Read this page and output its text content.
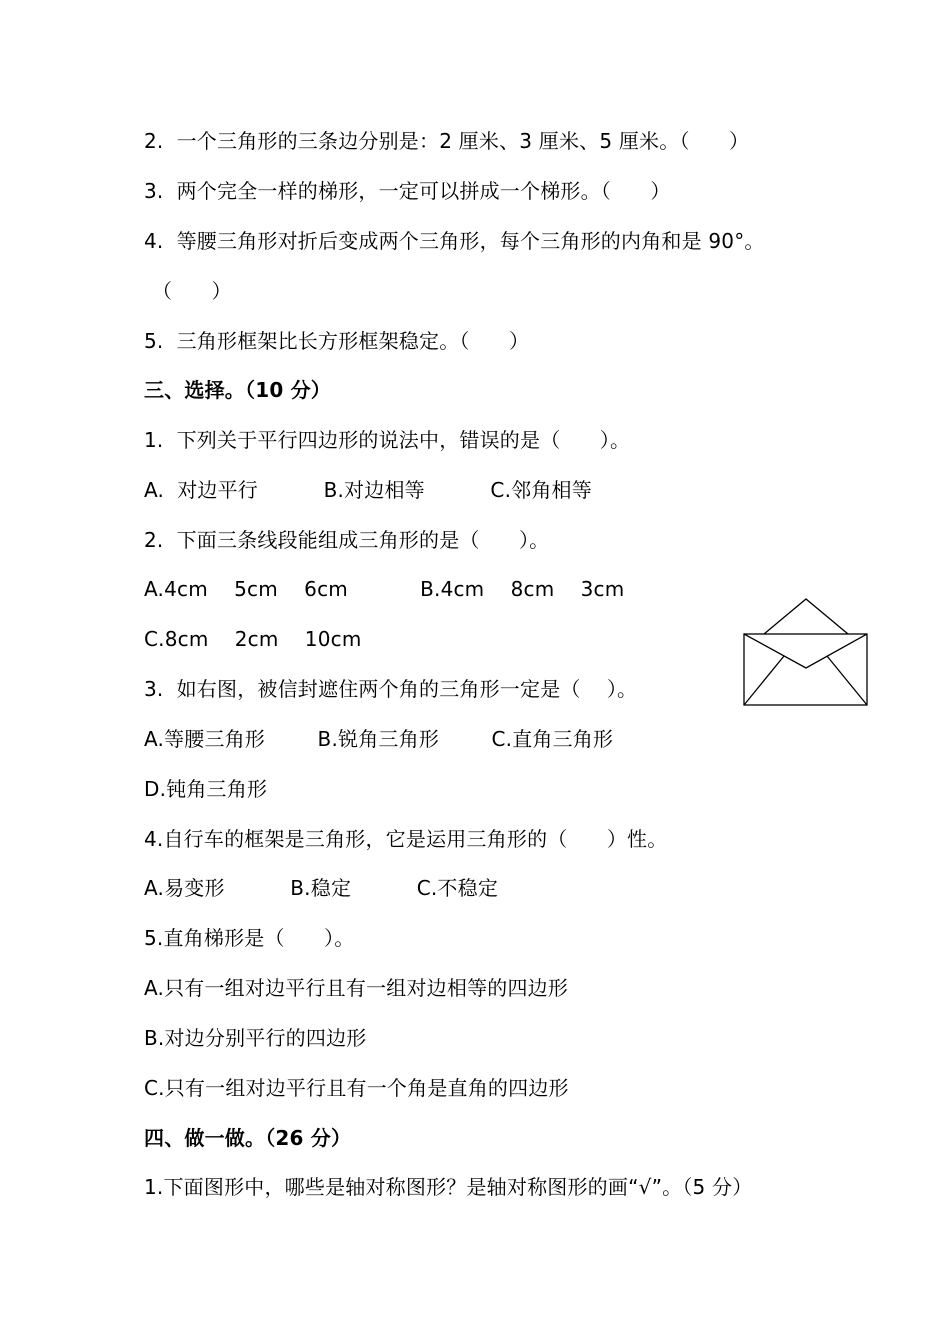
2.  一个三角形的三条边分别是：2 厘米、3 厘米、5 厘米。（      ）
3.  两个完全一样的梯形，一定可以拼成一个梯形。（      ）
4.  等腰三角形对折后变成两个三角形，每个三角形的内角和是 90°。
（      ）
5.  三角形框架比长方形框架稳定。（      ）
三、选择。（10 分）
1.  下列关于平行四边形的说法中，错误的是（      ）。
A.  对边平行          B.对边相等          C.邻角相等
2.  下面三条线段能组成三角形的是（      ）。
A.4cm    5cm    6cm           B.4cm    8cm    3cm
C.8cm    2cm    10cm
3.  如右图，被信封遮住两个角的三角形一定是（    ）。
A.等腰三角形        B.锐角三角形        C.直角三角形
D.钝角三角形
4.自行车的框架是三角形，它是运用三角形的（      ）性。
A.易变形          B.稳定          C.不稳定
5.直角梯形是（      ）。
A.只有一组对边平行且有一组对边相等的四边形
B.对边分别平行的四边形
C.只有一组对边平行且有一个角是直角的四边形
四、做一做。（26 分）
1.下面图形中，哪些是轴对称图形？是轴对称图形的画“√”。（5 分）
